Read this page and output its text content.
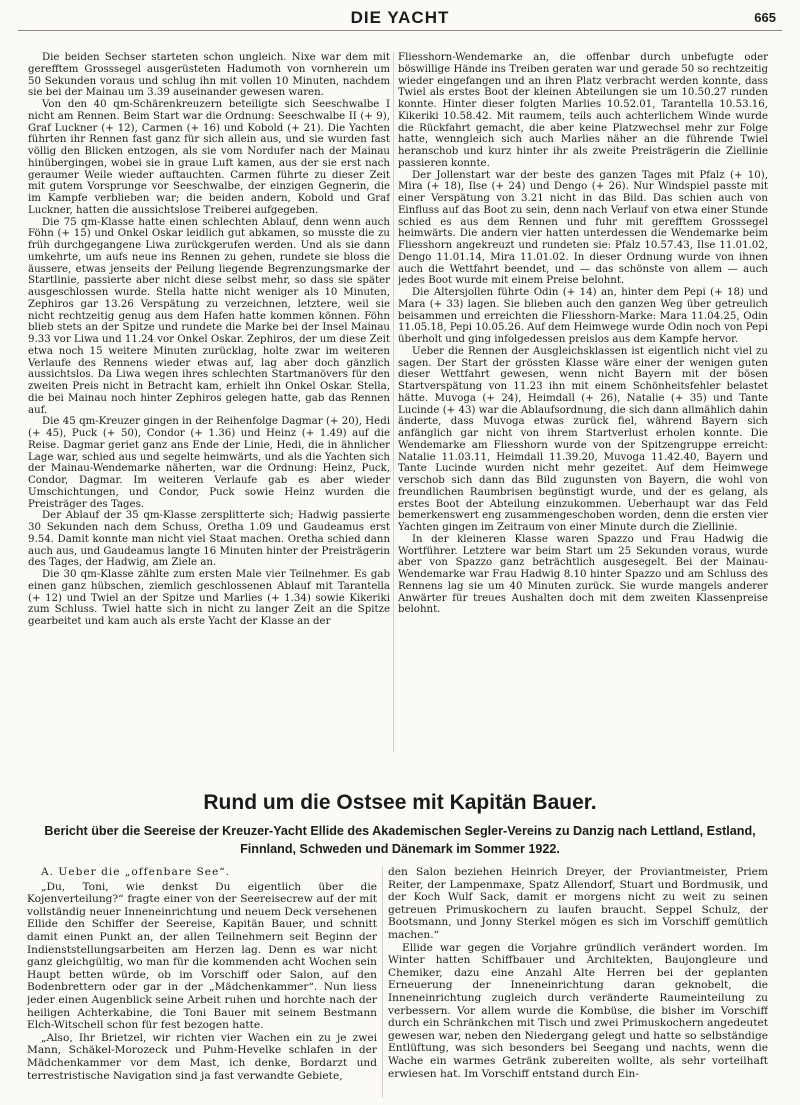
DIE YACHT	665

Die beiden Sechser starteten schon ungleich. Nixe war dem mit gerefftem Grosssegel ausgerüsteten Hadumoth von vornherein um 50 Sekunden voraus und schlug ihn mit vollen 10 Minuten, nachdem sie bei der Mainau um 3.39 auseinander gewesen waren.

Von den 40 qm-Schärenkreuzern beteiligte sich Seeschwalbe I nicht am Rennen. Beim Start war die Ordnung: Seeschwalbe II (+ 9), Graf Luckner (+ 12), Carmen (+ 16) und Kobold (+ 21). Die Yachten führten ihr Rennen fast ganz für sich allein aus, und sie wurden fast völlig den Blicken entzogen, als sie vom Nordufer nach der Mainau hinübergingen, wobei sie in graue Luft kamen, aus der sie erst nach geraumer Weile wieder auftauchten. Carmen führte zu dieser Zeit mit gutem Vorsprunge vor Seeschwalbe, der einzigen Gegnerin, die im Kampfe verblieben war; die beiden andern, Kobold und Graf Luckner, hatten die aussichtslose Treiberei aufgegeben.

Die 75 qm-Klasse hatte einen schlechten Ablauf, denn wenn auch Föhn (+ 15) und Onkel Oskar leidlich gut abkamen, so musste die zu früh durchgegangene Liwa zurückgerufen werden. Und als sie dann umkehrte, um aufs neue ins Rennen zu gehen, rundete sie bloss die äussere, etwas jenseits der Peilung liegende Begrenzungsmarke der Startlinie, passierte aber nicht diese selbst mehr, so dass sie später ausgeschlossen wurde. Stella hatte nicht weniger als 10 Minuten, Zephiros gar 13.26 Verspätung zu verzeichnen, letztere, weil sie nicht rechtzeitig genug aus dem Hafen hatte kommen können. Föhn blieb stets an der Spitze und rundete die Marke bei der Insel Mainau 9.33 vor Liwa und 11.24 vor Onkel Oskar. Zephiros, der um diese Zeit etwa noch 15 weitere Minuten zurücklag, holte zwar im weiteren Verlaufe des Rennens wieder etwas auf, lag aber doch gänzlich aussichtslos. Da Liwa wegen ihres schlechten Startmanövers für den zweiten Preis nicht in Betracht kam, erhielt ihn Onkel Oskar. Stella, die bei Mainau noch hinter Zephiros gelegen hatte, gab das Rennen auf.

Die 45 qm-Kreuzer gingen in der Reihenfolge Dagmar (+ 20), Hedi (+ 45), Puck (+ 50), Condor (+ 1.36) und Heinz (+ 1.49) auf die Reise. Dagmar geriet ganz ans Ende der Linie, Hedi, die in ähnlicher Lage war, schied aus und segelte heimwärts, und als die Yachten sich der Mainau-Wendemarke näherten, war die Ordnung: Heinz, Puck, Condor, Dagmar. Im weiteren Verlaufe gab es aber wieder Umschichtungen, und Condor, Puck sowie Heinz wurden die Preisträger des Tages.

Der Ablauf der 35 qm-Klasse zersplitterte sich; Hadwig passierte 30 Sekunden nach dem Schuss, Oretha 1.09 und Gaudeamus erst 9.54. Damit konnte man nicht viel Staat machen. Oretha schied dann auch aus, und Gaudeamus langte 16 Minuten hinter der Preisträgerin des Tages, der Hadwig, am Ziele an.

Die 30 qm-Klasse zählte zum ersten Male vier Teilnehmer. Es gab einen ganz hübschen, ziemlich geschlossenen Ablauf mit Tarantella (+ 12) und Twiel an der Spitze und Marlies (+ 1.34) sowie Kikeriki zum Schluss. Twiel hatte sich in nicht zu langer Zeit an die Spitze gearbeitet und kam auch als erste Yacht der Klasse an der

Fliesshorn-Wendemarke an, die offenbar durch unbefugte oder böswillige Hände ins Treiben geraten war und gerade 50 so rechtzeitig wieder eingefangen und an ihren Platz verbracht werden konnte, dass Twiel als erstes Boot der kleinen Abteilungen sie um 10.50.27 runden konnte. Hinter dieser folgten Marlies 10.52.01, Tarantella 10.53.16, Kikeriki 10.58.42. Mit raumem, teils auch achterlichem Winde wurde die Rückfahrt gemacht, die aber keine Platzwechsel mehr zur Folge hatte, wenngleich sich auch Marlies näher an die führende Twiel heranschob und kurz hinter ihr als zweite Preisträgerin die Ziellinie passieren konnte.

Der Jollenstart war der beste des ganzen Tages mit Pfalz (+ 10), Mira (+ 18), Ilse (+ 24) und Dengo (+ 26). Nur Windspiel passte mit einer Verspätung von 3.21 nicht in das Bild. Das schien auch von Einfluss auf das Boot zu sein, denn nach Verlauf von etwa einer Stunde schied es aus dem Rennen und fuhr mit gerefftem Grosssegel heimwärts. Die andern vier hatten unterdessen die Wendemarke beim Fliesshorn angekreuzt und rundeten sie: Pfalz 10.57.43, Ilse 11.01.02, Dengo 11.01.14, Mira 11.01.02. In dieser Ordnung wurde von ihnen auch die Wettfahrt beendet, und — das schönste von allem — auch jedes Boot wurde mit einem Preise belohnt.

Die Altersjollen führte Odin (+ 14) an, hinter dem Pepi (+ 18) und Mara (+ 33) lagen. Sie blieben auch den ganzen Weg über getreulich beisammen und erreichten die Fliesshorn-Marke: Mara 11.04.25, Odin 11.05.18, Pepi 10.05.26. Auf dem Heimwege wurde Odin noch von Pepi überholt und ging infolgedessen preislos aus dem Kampfe hervor.

Ueber die Rennen der Ausgleichsklassen ist eigentlich nicht viel zu sagen. Der Start der grössten Klasse wäre einer der wenigen guten dieser Wettfahrt gewesen, wenn nicht Bayern mit der bösen Startverspätung von 11.23 ihn mit einem Schönheitsfehler belastet hätte. Muvoga (+ 24), Heimdall (+ 26), Natalie (+ 35) und Tante Lucinde (+ 43) war die Ablaufsordnung, die sich dann allmählich dahin änderte, dass Muvoga etwas zurück fiel, während Bayern sich anfänglich gar nicht von ihrem Startverlust erholen konnte. Die Wendemarke am Fliesshorn wurde von der Spitzengruppe erreicht: Natalie 11.03.11, Heimdall 11.39.20, Muvoga 11.42.40, Bayern und Tante Lucinde wurden nicht mehr gezeitet. Auf dem Heimwege verschob sich dann das Bild zugunsten von Bayern, die wohl von freundlichen Raumbrisen begünstigt wurde, und der es gelang, als erstes Boot der Abteilung einzukommen. Ueberhaupt war das Feld bemerkenswert eng zusammengeschoben worden, denn die ersten vier Yachten gingen im Zeitraum von einer Minute durch die Ziellinie.

In der kleineren Klasse waren Spazzo und Frau Hadwig die Wortführer. Letztere war beim Start um 25 Sekunden voraus, wurde aber von Spazzo ganz beträchtlich ausgesegelt. Bei der Mainau-Wendemarke war Frau Hadwig 8.10 hinter Spazzo und am Schluss des Rennens lag sie um 40 Minuten zurück. Sie wurde mangels anderer Anwärter für treues Aushalten doch mit dem zweiten Klassenpreise belohnt.

Rund um die Ostsee mit Kapitän Bauer.
Bericht über die Seereise der Kreuzer-Yacht Ellide des Akademischen Segler-Vereins zu Danzig nach Lettland, Estland, Finnland, Schweden und Dänemark im Sommer 1922.

A. Ueber die „offenbare See“.

„Du, Toni, wie denkst Du eigentlich über die Kojenverteilung?“ fragte einer von der Seereisecrew auf der mit vollständig neuer Inneneinrichtung und neuem Deck versehenen Ellide den Schiffer der Seereise, Kapitän Bauer, und schnitt damit einen Punkt an, der allen Teilnehmern seit Beginn der Indienststellungsarbeiten am Herzen lag. Denn es war nicht ganz gleichgültig, wo man für die kommenden acht Wochen sein Haupt betten würde, ob im Vorschiff oder Salon, auf den Bodenbrettern oder gar in der „Mädchenkammer“. Nun liess jeder einen Augenblick seine Arbeit ruhen und horchte nach der heiligen Achterkabine, die Toni Bauer mit seinem Bestmann Elch-Witschell schon für fest bezogen hatte.

„Also, Ihr Brietzel, wir richten vier Wachen ein zu je zwei Mann, Schäkel-Morozeck und Puhm-Hevelke schlafen in der Mädchenkammer vor dem Mast, ich denke, Bordarzt und terrestristische Navigation sind ja fast verwandte Gebiete,

den Salon beziehen Heinrich Dreyer, der Proviantmeister, Priem Reiter, der Lampenmaxe, Spatz Allendorf, Stuart und Bordmusik, und der Koch Wulf Sack, damit er morgens nicht zu weit zu seinen getreuen Primuskochern zu laufen braucht. Seppel Schulz, der Bootsmann, und Jonny Sterkel mögen es sich im Vorschiff gemütlich machen.“

Ellide war gegen die Vorjahre gründlich verändert worden. Im Winter hatten Schiffbauer und Architekten, Baujongleure und Chemiker, dazu eine Anzahl Alte Herren bei der geplanten Erneuerung der Inneneinrichtung daran geknobelt, die Inneneinrichtung zugleich durch veränderte Raumeinteilung zu verbessern. Vor allem wurde die Kombüse, die bisher im Vorschiff durch ein Schränkchen mit Tisch und zwei Primuskochern angedeutet gewesen war, neben den Niedergang gelegt und hatte so selbständige Entlüftung, was sich besonders bei Seegang und nachts, wenn die Wache ein warmes Getränk zubereiten wollte, als sehr vorteilhaft erwiesen hat. Im Vorschiff entstand durch Ein-
